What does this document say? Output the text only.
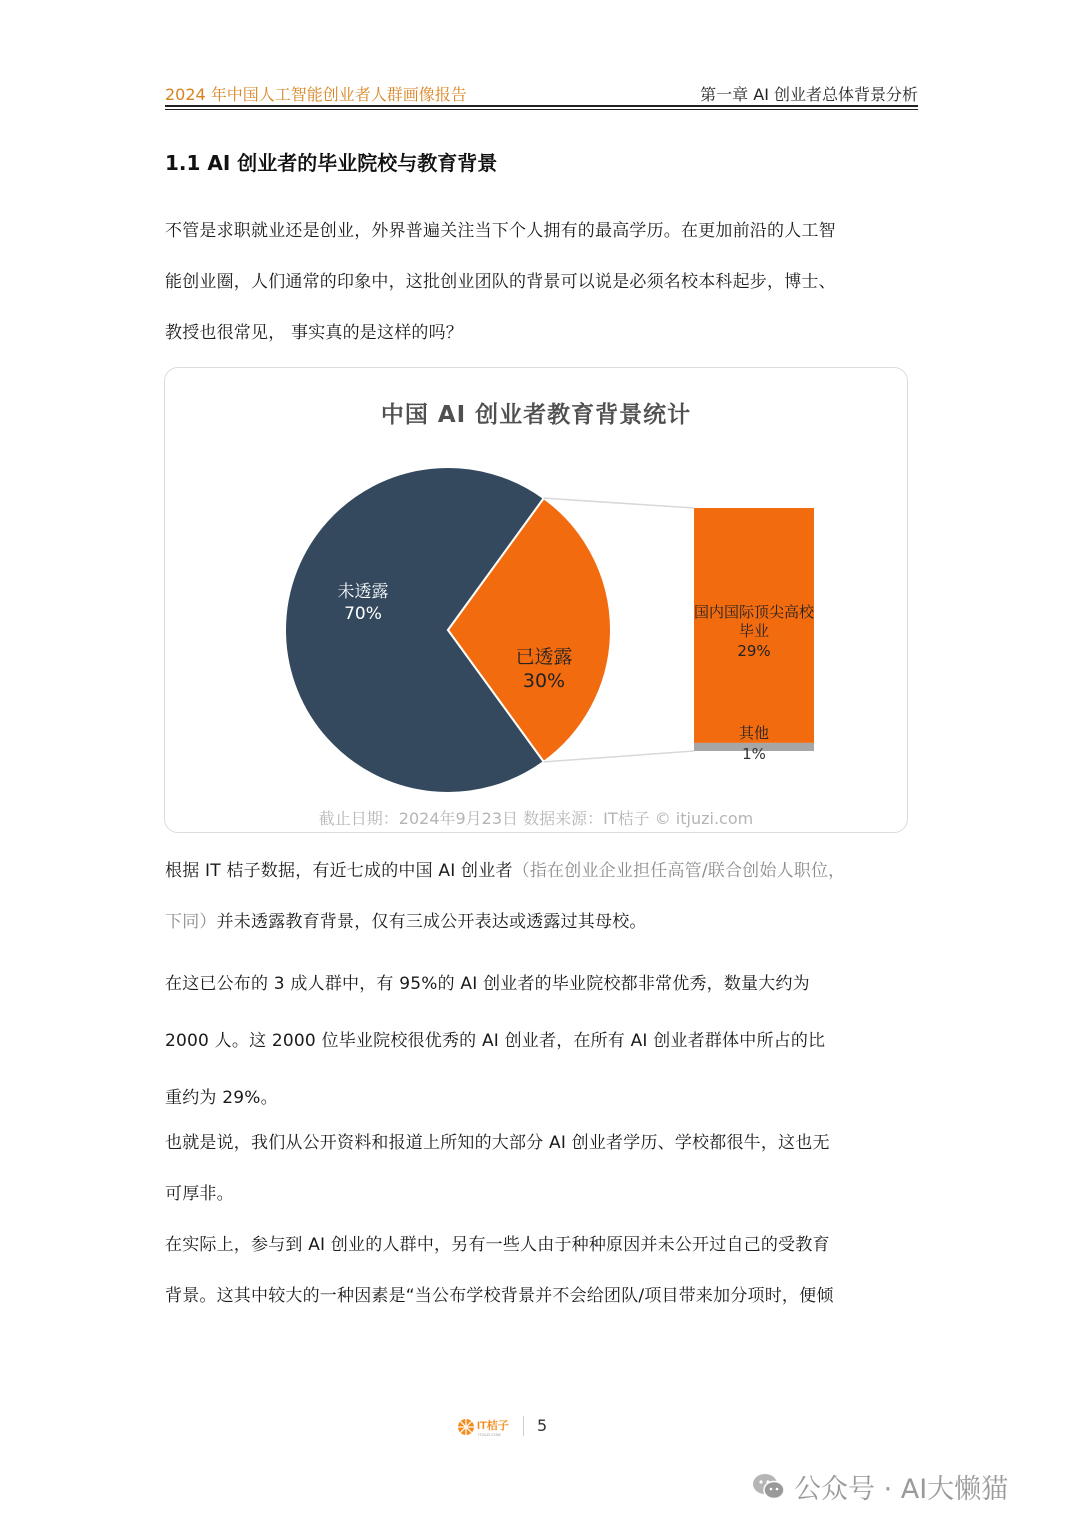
2024 年中国人工智能创业者人群画像报告	第一章 AI 创业者总体背景分析
1.1 AI 创业者的毕业院校与教育背景

不管是求职就业还是创业，外界普遍关注当下个人拥有的最高学历。在更加前沿的人工智

能创业圈，人们通常的印象中，这批创业团队的背景可以说是必须名校本科起步，博士、

教授也很常见， 事实真的是这样的吗？

中国 AI 创业者教育背景统计
未透露
70%
已透露
30%
国内国际顶尖高校
毕业
29%
其他
1%
截止日期：2024年9月23日 数据来源：IT桔子 © itjuzi.com

根据 IT 桔子数据，有近七成的中国 AI 创业者（指在创业企业担任高管/联合创始人职位，

下同）并未透露教育背景，仅有三成公开表达或透露过其母校。

在这已公布的 3 成人群中，有 95%的 AI 创业者的毕业院校都非常优秀，数量大约为

2000 人。这 2000 位毕业院校很优秀的 AI 创业者，在所有 AI 创业者群体中所占的比

重约为 29%。

也就是说，我们从公开资料和报道上所知的大部分 AI 创业者学历、学校都很牛，这也无

可厚非。

在实际上，参与到 AI 创业的人群中，另有一些人由于种种原因并未公开过自己的受教育

背景。这其中较大的一种因素是“当公布学校背景并不会给团队/项目带来加分项时，便倾

IT桔子
ITJUZI.COM 5
公众号 · AI大懒猫
